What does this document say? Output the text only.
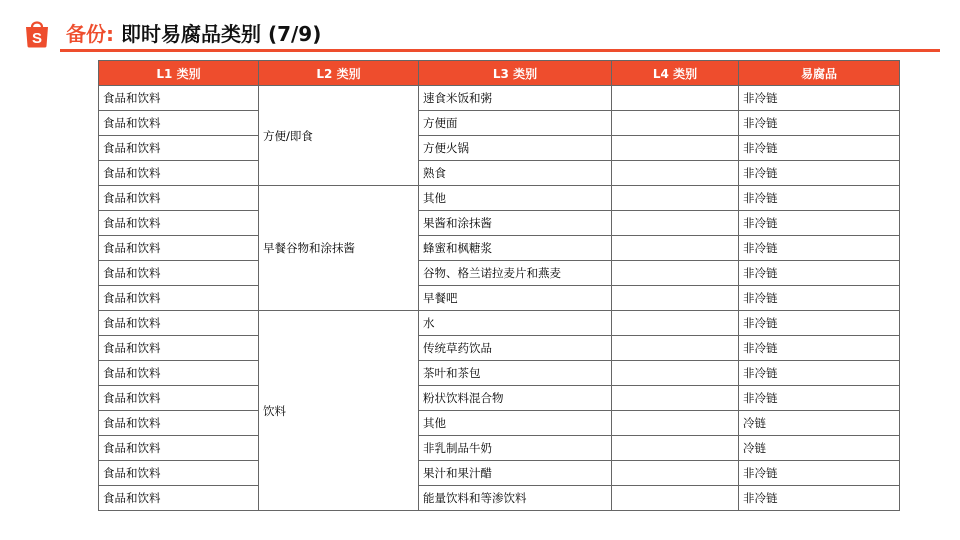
S 备份: 即时易腐品类别 (7/9)
L1 类别	L2 类别	L3 类别	L4 类别	易腐品
食品和饮料	方便/即食	速食米饭和粥		非冷链
食品和饮料		方便面		非冷链
食品和饮料		方便火锅		非冷链
食品和饮料		熟食		非冷链
食品和饮料	早餐谷物和涂抹酱	其他		非冷链
食品和饮料		果酱和涂抹酱		非冷链
食品和饮料		蜂蜜和枫糖浆		非冷链
食品和饮料		谷物、格兰诺拉麦片和燕麦		非冷链
食品和饮料		早餐吧		非冷链
食品和饮料	饮料	水		非冷链
食品和饮料		传统草药饮品		非冷链
食品和饮料		茶叶和茶包		非冷链
食品和饮料		粉状饮料混合物		非冷链
食品和饮料		其他		冷链
食品和饮料		非乳制品牛奶		冷链
食品和饮料		果汁和果汁醋		非冷链
食品和饮料		能量饮料和等渗饮料		非冷链
